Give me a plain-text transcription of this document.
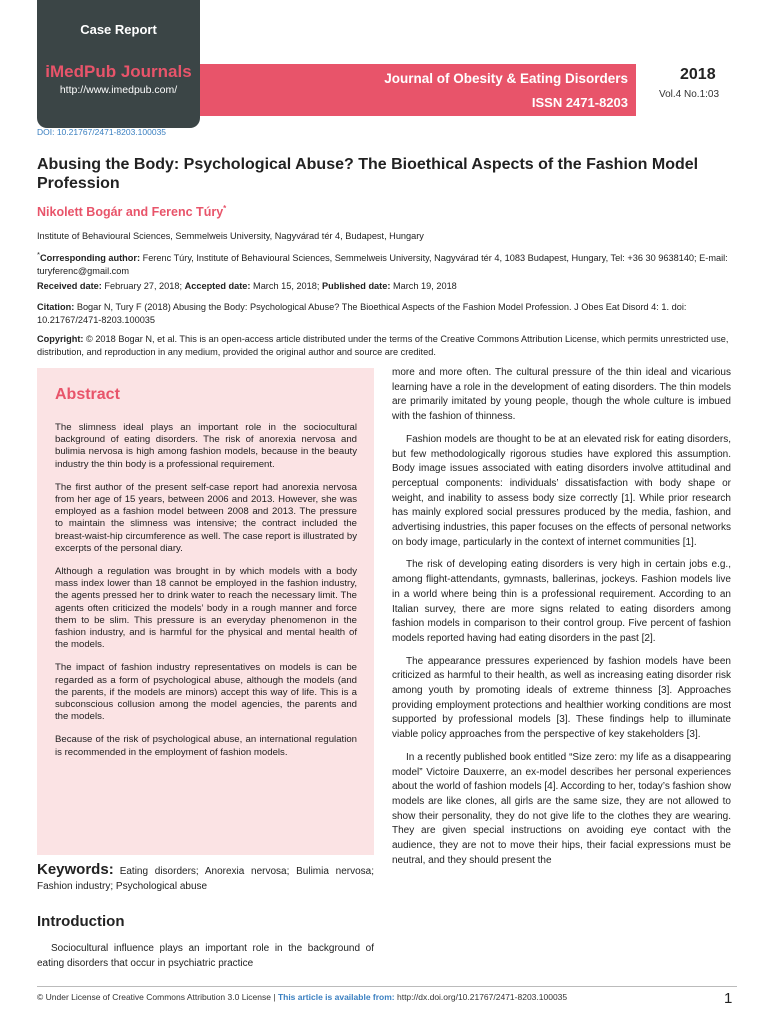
Case Report
iMedPub Journals
http://www.imedpub.com/
Journal of Obesity & Eating Disorders
ISSN 2471-8203
2018
Vol.4 No.1:03
DOI: 10.21767/2471-8203.100035
Abusing the Body: Psychological Abuse? The Bioethical Aspects of the Fashion Model Profession
Nikolett Bogár and Ferenc Túry*
Institute of Behavioural Sciences, Semmelweis University, Nagyvárad tér 4, Budapest, Hungary
*Corresponding author: Ferenc Túry, Institute of Behavioural Sciences, Semmelweis University, Nagyvárad tér 4, 1083 Budapest, Hungary, Tel: +36 30 9638140; E-mail: turyferenc@gmail.com
Received date: February 27, 2018; Accepted date: March 15, 2018; Published date: March 19, 2018
Citation: Bogar N, Tury F (2018) Abusing the Body: Psychological Abuse? The Bioethical Aspects of the Fashion Model Profession. J Obes Eat Disord 4: 1. doi: 10.21767/2471-8203.100035
Copyright: © 2018 Bogar N, et al. This is an open-access article distributed under the terms of the Creative Commons Attribution License, which permits unrestricted use, distribution, and reproduction in any medium, provided the original author and source are credited.
Abstract

The slimness ideal plays an important role in the sociocultural background of eating disorders. The risk of anorexia nervosa and bulimia nervosa is high among fashion models, because in the beauty industry the thin body is a professional requirement.

The first author of the present self-case report had anorexia nervosa from her age of 15 years, between 2006 and 2013. However, she was employed as a fashion model between 2008 and 2013. The pressure to maintain the slimness was intensive; the contract included the breast-waist-hip circumference as well. The case report is illustrated by excerpts of the personal diary.

Although a regulation was brought in by which models with a body mass index lower than 18 cannot be employed in the fashion industry, the agents pressed her to drink water to reach the necessary limit. The agents often criticized the models’ body in a rough manner and force them to be slim. This pressure is an everyday phenomenon in the fashion industry, and is harmful for the physical and mental health of the models.

The impact of fashion industry representatives on models is can be regarded as a form of psychological abuse, although the models (and the parents, if the models are minors) accept this way of life. This is a subconscious collusion among the model agencies, the parents and the models.

Because of the risk of psychological abuse, an international regulation is recommended in the employment of fashion models.

Keywords: Eating disorders; Anorexia nervosa; Bulimia nervosa; Fashion industry; Psychological abuse
Introduction

Sociocultural influence plays an important role in the background of eating disorders that occur in psychiatric practice

more and more often. The cultural pressure of the thin ideal and vicarious learning have a role in the development of eating disorders. The thin models are primarily imitated by young people, though the whole culture is imbued with the fashion of thinness.

Fashion models are thought to be at an elevated risk for eating disorders, but few methodologically rigorous studies have explored this assumption. Body image issues associated with eating disorders involve attitudinal and perceptual components: individuals’ dissatisfaction with body shape or weight, and inability to assess body size correctly [1]. While prior research has mainly explored social pressures produced by the media, fashion, and advertising industries, this paper focuses on the effects of personal networks on body image, particularly in the context of internet communities [1].

The risk of developing eating disorders is very high in certain jobs e.g., among flight-attendants, gymnasts, ballerinas, jockeys. Fashion models live in a world where being thin is a professional requirement. According to an Italian survey, there are more signs related to eating disorders among fashion models in comparison to their control group. Five percent of fashion models reported having had eating disorders in the past [2].

The appearance pressures experienced by fashion models have been criticized as harmful to their health, as well as increasing eating disorder risk among youth by promoting ideals of extreme thinness [3]. Approaches providing employment protections and healthier working conditions are most supported by professional models [3]. These findings help to illuminate viable policy approaches from the perspective of key stakeholders [3].

In a recently published book entitled “Size zero: my life as a disappearing model” Victoire Dauxerre, an ex-model describes her personal experiences about the world of fashion models [4]. According to her, today’s fashion show models are like clones, all girls are the same size, they are not allowed to show their personality, they do not give life to the clothes they are wearing. They are given special instructions on avoiding eye contact with the audience, they are not to move their hips, their facial expressions must be neutral, and they should present the

© Under License of Creative Commons Attribution 3.0 License | This article is available from: http://dx.doi.org/10.21767/2471-8203.100035	1
